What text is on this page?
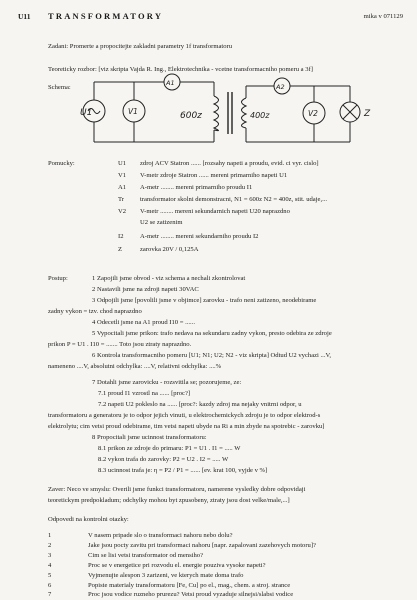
U11 TRANSFORMATORY	mika v 071129
Zadani: Promerte a propocitejte zakladni parametry 1f transformatoru
Teoreticky rozbor: [viz skripta Vajda R. Ing., Elektrotechnika - vcetne transformacniho pomeru a 3f]
Schema:
U1	V1
A1
600z	400z
A2
V2	Z
Pomucky:	U1 zdroj ACV Statron ...... [rozsahy napeti a proudu, evid. ci vyr. cislo]
V1 V-metr zdroje Statron ...... mereni primarniho napeti U1
A1 A-metr ........ mereni primarniho proudu I1
Tr transformator skolni demonstracni, N1 = 600z N2 = 400z, stit. udaje,...
V2 V-metr ........ mereni sekundarnich napeti U20 naprazdno
U2 se zatizenim
I2	A-metr ........ mereni sekundarniho proudu I2
Z	zarovka 20V / 0,125A
Postup:	1 Zapojili jsme obvod - viz schema a nechali zkontrolovat
2 Nastavili jsme na zdroji napeti 30VAC
3 Odpojili jsme [povolili jsme v objimce] zarovku - trafo neni zatizeno, neodebirame
zadny vykon = tzv. chod naprazdno
4 Odecetli jsme na A1 proud I10 = ......
5 Vypocitali jsme prikon: trafo nedava na sekundaru zadny vykon, presto odebira ze zdroje
prikon P = U1 . I10 = ....... Toto jsou ztraty naprazdno.
6 Kontrola transformacniho pomeru [U1; N1; U2; N2 - viz skripta] Odtud U2 vychazi ...V,
nameneno ....V, absolutni odchylka: ....V, relativni odchylka: ....%
7 Dotahli jsme zarovicku - rozsvitila se; pozorujeme, ze:
7.1 proud I1 vzrostl na ...... [proc?]
7.2 napeti U2 pokleslo na ...... [proc?: kazdy zdroj ma nejaky vnitrni odpor, u
transformatoru a generatoru je to odpor jejich vinuti, u elektrochemickych zdroju je to odpor elektrod-s
elektrolytu; cim vetsi proud odebirame, tim vetsi napeti ubyde na Ri a min zbyde na spotrebic - zarovku]
8 Propocitali jsme ucinnost transformatoru:
8.1 prikon ze zdroje do primaru: P1 = U1 . I1 = ..... W
8.2 vykon trafa do zarovky: P2 = U2 . I2 = ..... W
8.3 ucinnost trafa je: η = P2 / P1 = ...... [ev. krat 100, vyjde v %]
Zaver: Neco ve smyslu: Overili jsme funkci transformatoru, namerene vysledky dobre odpovidaji
teoretickym predpokladum; odchylky mohou byt zpusobeny, ztraty jsou dost velke/male,...]
Odpovedi na kontrolni otazky:
1	V nasem pripade slo o transformaci nahoru nebo dolu?
2	Jake jsou pocty zavitu pri transformaci nahoru [napr. zapalovani zazehovych motoru]?
3	Cim se lisi vetsi transformator od mensiho?
4	Proc se v energetice pri rozvodu el. energie pouziva vysoke napeti?
5	Vyjmenujte alespon 3 zarizeni, ve kterych mate doma trafo
6	Popiste materialy transformatoru [Fe, Cu] po el., mag., chem. a stroj. strance
7	Proc jsou vodice ruzneho prurezu? Vetsi proud vyzaduje silnejsi/slabsi vodice
